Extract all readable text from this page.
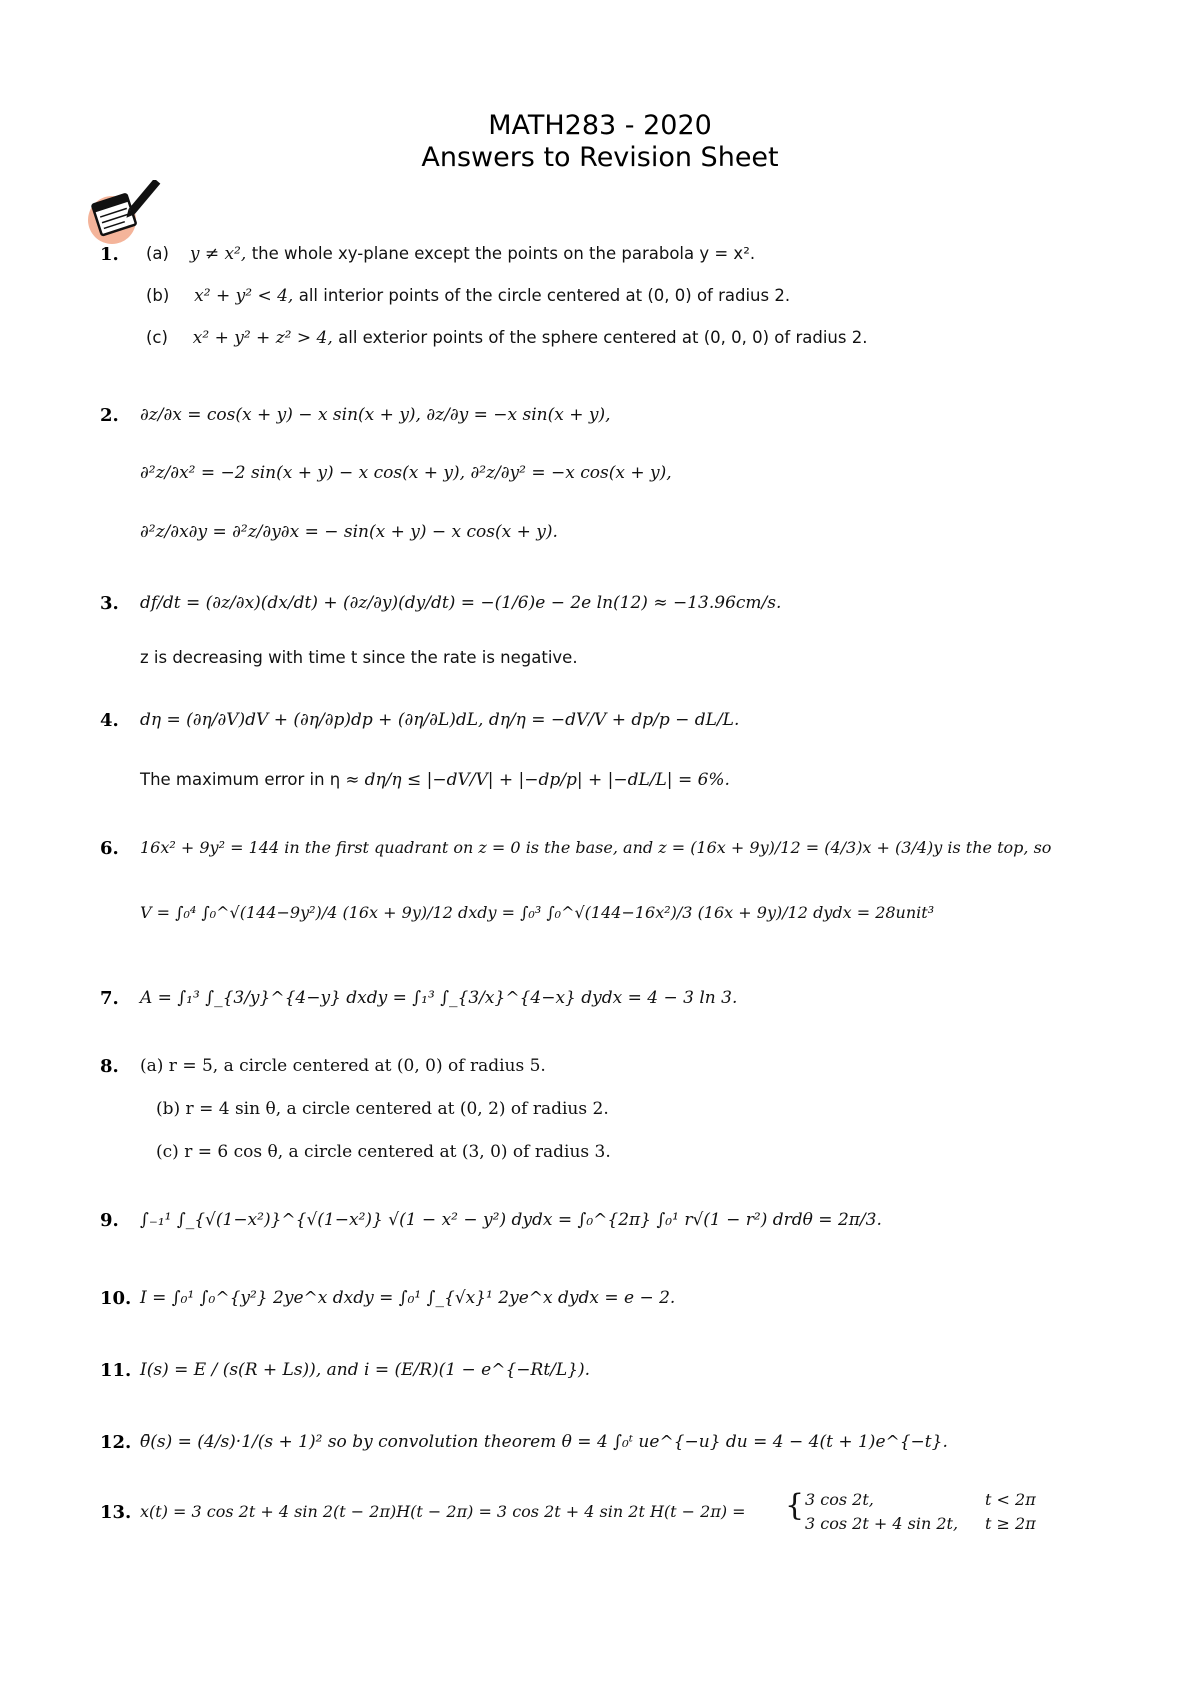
MATH283 - 2020
Answers to Revision Sheet
1. (a) y ≠ x², the whole xy-plane except the points on the parabola y = x².
(b) x² + y² < 4, all interior points of the circle centered at (0, 0) of radius 2.
(c) x² + y² + z² > 4, all exterior points of the sphere centered at (0, 0, 0) of radius 2.
2. ∂z/∂x = cos(x + y) − x sin(x + y), ∂z/∂y = −x sin(x + y),
∂²z/∂x² = −2 sin(x + y) − x cos(x + y), ∂²z/∂y² = −x cos(x + y),
∂²z/∂x∂y = ∂²z/∂y∂x = − sin(x + y) − x cos(x + y).
3. df/dt = (∂z/∂x)(dx/dt) + (∂z/∂y)(dy/dt) = −(1/6)e − 2e ln(12) ≈ −13.96cm/s.
z is decreasing with time t since the rate is negative.
4. dη = (∂η/∂V)dV + (∂η/∂p)dp + (∂η/∂L)dL, dη/η = −dV/V + dp/p − dL/L.
The maximum error in η ≈ dη/η ≤ |−dV/V| + |−dp/p| + |−dL/L| = 6%.
6. 16x² + 9y² = 144 in the first quadrant on z = 0 is the base, and z = (16x + 9y)/12 = (4/3)x + (3/4)y is the top, so
V = ∫₀⁴ ∫₀^√(144−9y²)/4 (16x + 9y)/12 dxdy = ∫₀³ ∫₀^√(144−16x²)/3 (16x + 9y)/12 dydx = 28unit³
7. A = ∫₁³ ∫_{3/y}^{4−y} dxdy = ∫₁³ ∫_{3/x}^{4−x} dydx = 4 − 3 ln 3.
8. (a) r = 5, a circle centered at (0, 0) of radius 5.
(b) r = 4 sin θ, a circle centered at (0, 2) of radius 2.
(c) r = 6 cos θ, a circle centered at (3, 0) of radius 3.
9. ∫₋₁¹ ∫_{√(1−x²)}^{√(1−x²)} √(1 − x² − y²) dydx = ∫₀^{2π} ∫₀¹ r√(1 − r²) drdθ = 2π/3.
10. I = ∫₀¹ ∫₀^{y²} 2ye^x dxdy = ∫₀¹ ∫_{√x}¹ 2ye^x dydx = e − 2.
11. I(s) = E / (s(R + Ls)), and i = (E/R)(1 − e^{−Rt/L}).
12. θ̄(s) = (4/s)·1/(s + 1)² so by convolution theorem θ = 4 ∫₀ᵗ ue^{−u} du = 4 − 4(t + 1)e^{−t}.
13. x(t) = 3 cos 2t + 4 sin 2(t − 2π)H(t − 2π) = 3 cos 2t + 4 sin 2t H(t − 2π) = { 3 cos 2t,	t < 2π
3 cos 2t + 4 sin 2t, t ≥ 2π
